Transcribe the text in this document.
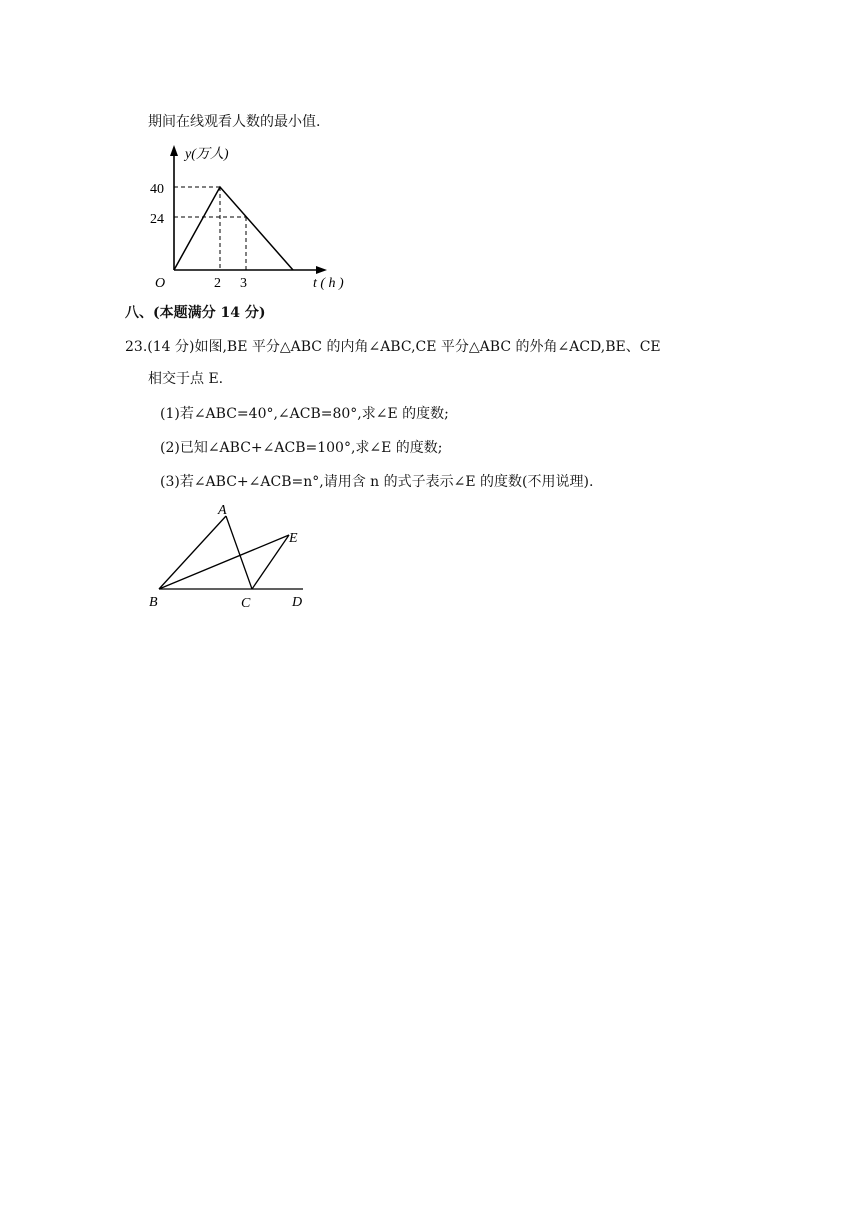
期间在线观看人数的最小值.
y(万人)
40
24
O	2 3	t ( h )
八、(本题满分 14 分)
23.(14 分)如图,BE 平分△ABC 的内角∠ABC,CE 平分△ABC 的外角∠ACD,BE、CE
相交于点 E.
(1)若∠ABC=40°,∠ACB=80°,求∠E 的度数;
(2)已知∠ABC+∠ACB=100°,求∠E 的度数;
(3)若∠ABC+∠ACB=n°,请用含 n 的式子表示∠E 的度数(不用说理).
A
E
B	C	D
